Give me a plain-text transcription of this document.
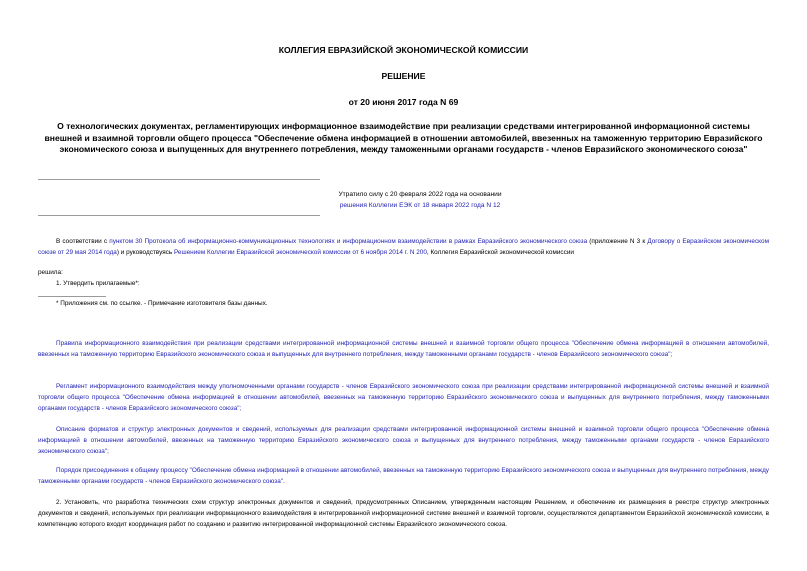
КОЛЛЕГИЯ ЕВРАЗИЙСКОЙ ЭКОНОМИЧЕСКОЙ КОМИССИИ
РЕШЕНИЕ
от 20 июня 2017 года N 69
О технологических документах, регламентирующих информационное взаимодействие при реализации средствами интегрированной информационной системы внешней и взаимной торговли общего процесса "Обеспечение обмена информацией в отношении автомобилей, ввезенных на таможенную территорию Евразийского экономического союза и выпущенных для внутреннего потребления, между таможенными органами государств - членов Евразийского экономического союза"
Утратило силу с 20 февраля 2022 года на основании
решения Коллегии ЕЭК от 18 января 2022 года N 12
В соответствии с пунктом 30 Протокола об информационно-коммуникационных технологиях и информационном взаимодействии в рамках Евразийского экономического союза (приложение N 3 к Договору о Евразийском экономическом союзе от 29 мая 2014 года) и руководствуясь Решением Коллегии Евразийской экономической комиссии от 6 ноября 2014 г. N 200, Коллегия Евразийской экономической комиссии
решила:
1. Утвердить прилагаемые*:
* Приложения см. по ссылке. - Примечание изготовителя базы данных.
Правила информационного взаимодействия при реализации средствами интегрированной информационной системы внешней и взаимной торговли общего процесса "Обеспечение обмена информацией в отношении автомобилей, ввезенных на таможенную территорию Евразийского экономического союза и выпущенных для внутреннего потребления, между таможенными органами государств - членов Евразийского экономического союза";
Регламент информационного взаимодействия между уполномоченными органами государств - членов Евразийского экономического союза при реализации средствами интегрированной информационной системы внешней и взаимной торговли общего процесса "Обеспечение обмена информацией в отношении автомобилей, ввезенных на таможенную территорию Евразийского экономического союза и выпущенных для внутреннего потребления, между таможенными органами государств - членов Евразийского экономического союза";
Описание форматов и структур электронных документов и сведений, используемых для реализации средствами интегрированной информационной системы внешней и взаимной торговли общего процесса "Обеспечение обмена информацией в отношении автомобилей, ввезенных на таможенную территорию Евразийского экономического союза и выпущенных для внутреннего потребления, между таможенными органами государств - членов Евразийского экономического союза";
Порядок присоединения к общему процессу "Обеспечение обмена информацией в отношении автомобилей, ввезенных на таможенную территорию Евразийского экономического союза и выпущенных для внутреннего потребления, между таможенными органами государств - членов Евразийского экономического союза".
2. Установить, что разработка технических схем структур электронных документов и сведений, предусмотренных Описанием, утвержденным настоящим Решением, и обеспечение их размещения в реестре структур электронных документов и сведений, используемых при реализации информационного взаимодействия в интегрированной информационной системе внешней и взаимной торговли, осуществляются департаментом Евразийской экономической комиссии, в компетенцию которого входит координация работ по созданию и развитию интегрированной информационной системы Евразийского экономического союза.
